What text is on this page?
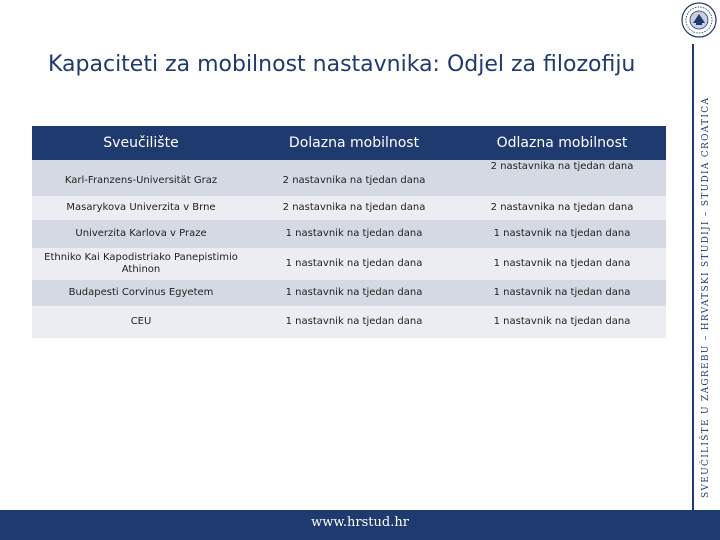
Kapaciteti za mobilnost nastavnika: Odjel za filozofiju
SVEUČILIŠTE U ZAGREBU – HRVATSKI STUDIJI – STUDIA CROATICA
Sveučilište	Dolazna mobilnost	Odlazna mobilnost
Karl-Franzens-Universität Graz	2 nastavnika na tjedan dana	2 nastavnika na tjedan dana
Masarykova Univerzita v Brne	2 nastavnika na tjedan dana	2 nastavnika na tjedan dana
Univerzita Karlova v Praze	1 nastavnik na tjedan dana	1 nastavnik na tjedan dana
Ethniko Kai Kapodistriako Panepistimio Athinon	1 nastavnik na tjedan dana	1 nastavnik na tjedan dana
Budapesti Corvinus Egyetem	1 nastavnik na tjedan dana	1 nastavnik na tjedan dana
CEU	1 nastavnik na tjedan dana	1 nastavnik na tjedan dana
www.hrstud.hr
